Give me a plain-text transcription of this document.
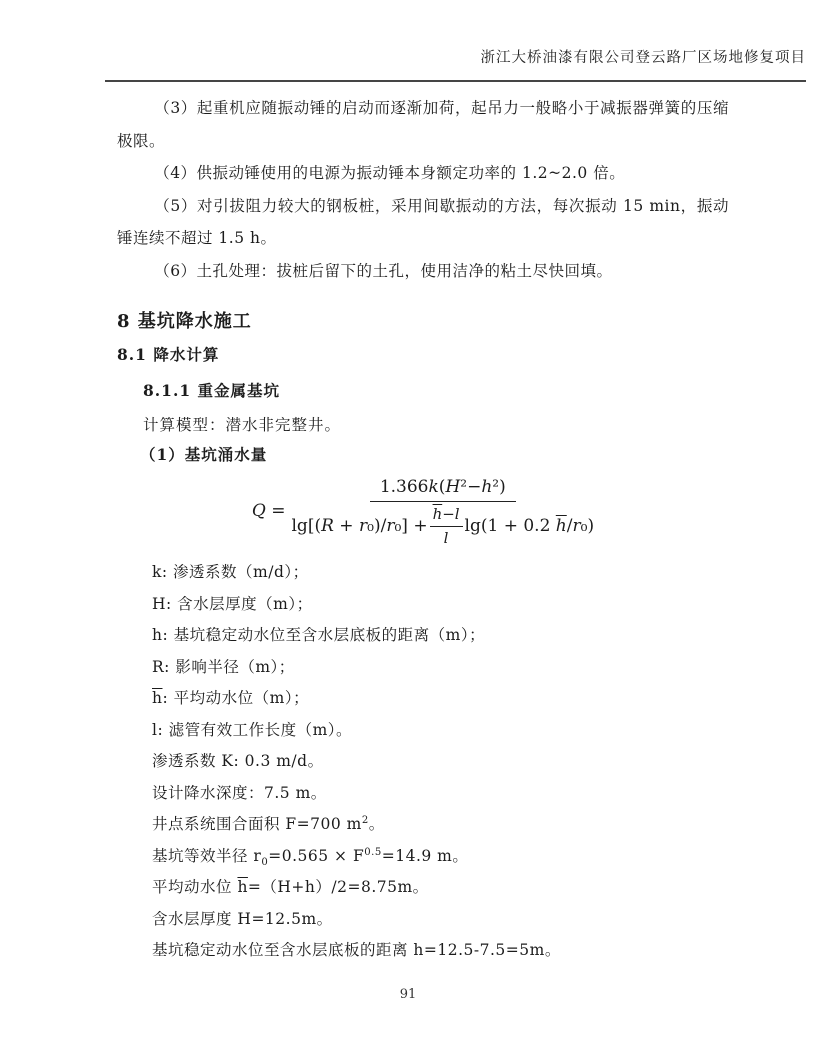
浙江大桥油漆有限公司登云路厂区场地修复项目

（3）起重机应随振动锤的启动而逐渐加荷，起吊力一般略小于减振器弹簧的压缩极限。

（4）供振动锤使用的电源为振动锤本身额定功率的 1.2~2.0 倍。

（5）对引拔阻力较大的钢板桩，采用间歇振动的方法，每次振动 15 min，振动锤连续不超过 1.5 h。

（6）土孔处理：拔桩后留下的土孔，使用洁净的粘土尽快回填。

8 基坑降水施工
8.1 降水计算
8.1.1 重金属基坑

计算模型：潜水非完整井。

（1）基坑涌水量

Q =
1.366 k ( H ² − h ² )
$\lg[(R + r_0)/r_0] + \frac{\overline{h} - l}{l} \lg(1 + 0.2$ $\overline{h}/r_0$)

k: 渗透系数（m/d）；

H: 含水层厚度（m）；

h: 基坑稳定动水位至含水层底板的距离（m）；

R: 影响半径（m）；

$\overline{h}$: 平均动水位（m）；

l: 滤管有效工作长度（m）。

渗透系数 K: 0.3 m/d。

设计降水深度：7.5 m。

井点系统围合面积 F=700 $m^2$。

基坑等效半径 $r_0=0.565 \times F^{0.5}=14.9$ m。

平均动水位 $\overline{h}=(H+h)/2=8.75m$。

含水层厚度 H=12.5m。

基坑稳定动水位至含水层底板的距离 h=12.5-7.5=5m。

91
